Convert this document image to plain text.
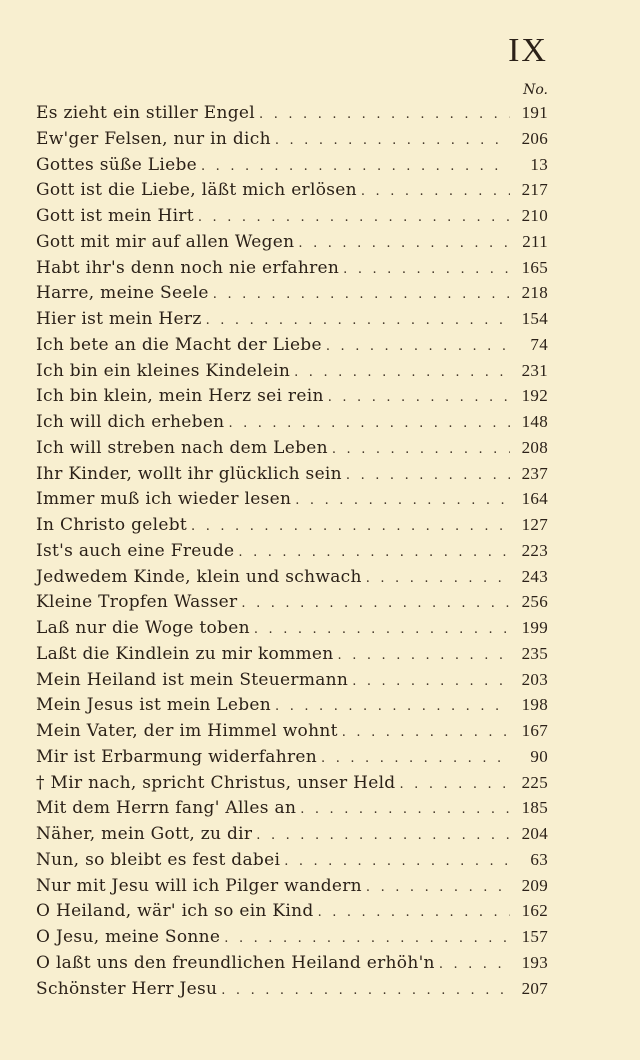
IX
No.
Es zieht ein stiller Engel . . .	191
Ew'ger Felsen, nur in dich . . .	206
Gottes süße Liebe . . .	13
Gott ist die Liebe, läßt mich erlösen . . .	217
Gott ist mein Hirt . . .	210
Gott mit mir auf allen Wegen . . .	211
Habt ihr's denn noch nie erfahren . . .	165
Harre, meine Seele . . .	218
Hier ist mein Herz . . .	154
Ich bete an die Macht der Liebe . . .	74
Ich bin ein kleines Kindelein . . .	231
Ich bin klein, mein Herz sei rein . . .	192
Ich will dich erheben . . .	148
Ich will streben nach dem Leben . . .	208
Ihr Kinder, wollt ihr glücklich sein . . .	237
Immer muß ich wieder lesen . . .	164
In Christo gelebt . . .	127
Ist's auch eine Freude . . .	223
Jedwedem Kinde, klein und schwach . . .	243
Kleine Tropfen Wasser . . .	256
Laß nur die Woge toben . . .	199
Laßt die Kindlein zu mir kommen . . .	235
Mein Heiland ist mein Steuermann . . .	203
Mein Jesus ist mein Leben . . .	198
Mein Vater, der im Himmel wohnt . . .	167
Mir ist Erbarmung widerfahren . . .	90
† Mir nach, spricht Christus, unser Held . . .	225
Mit dem Herrn fang' Alles an . . .	185
Näher, mein Gott, zu dir . . .	204
Nun, so bleibt es fest dabei . . .	63
Nur mit Jesu will ich Pilger wandern . . .	209
O Heiland, wär' ich so ein Kind . . .	162
O Jesu, meine Sonne . . .	157
O laßt uns den freundlichen Heiland erhöh'n . . .	193
Schönster Herr Jesu . . .	207
